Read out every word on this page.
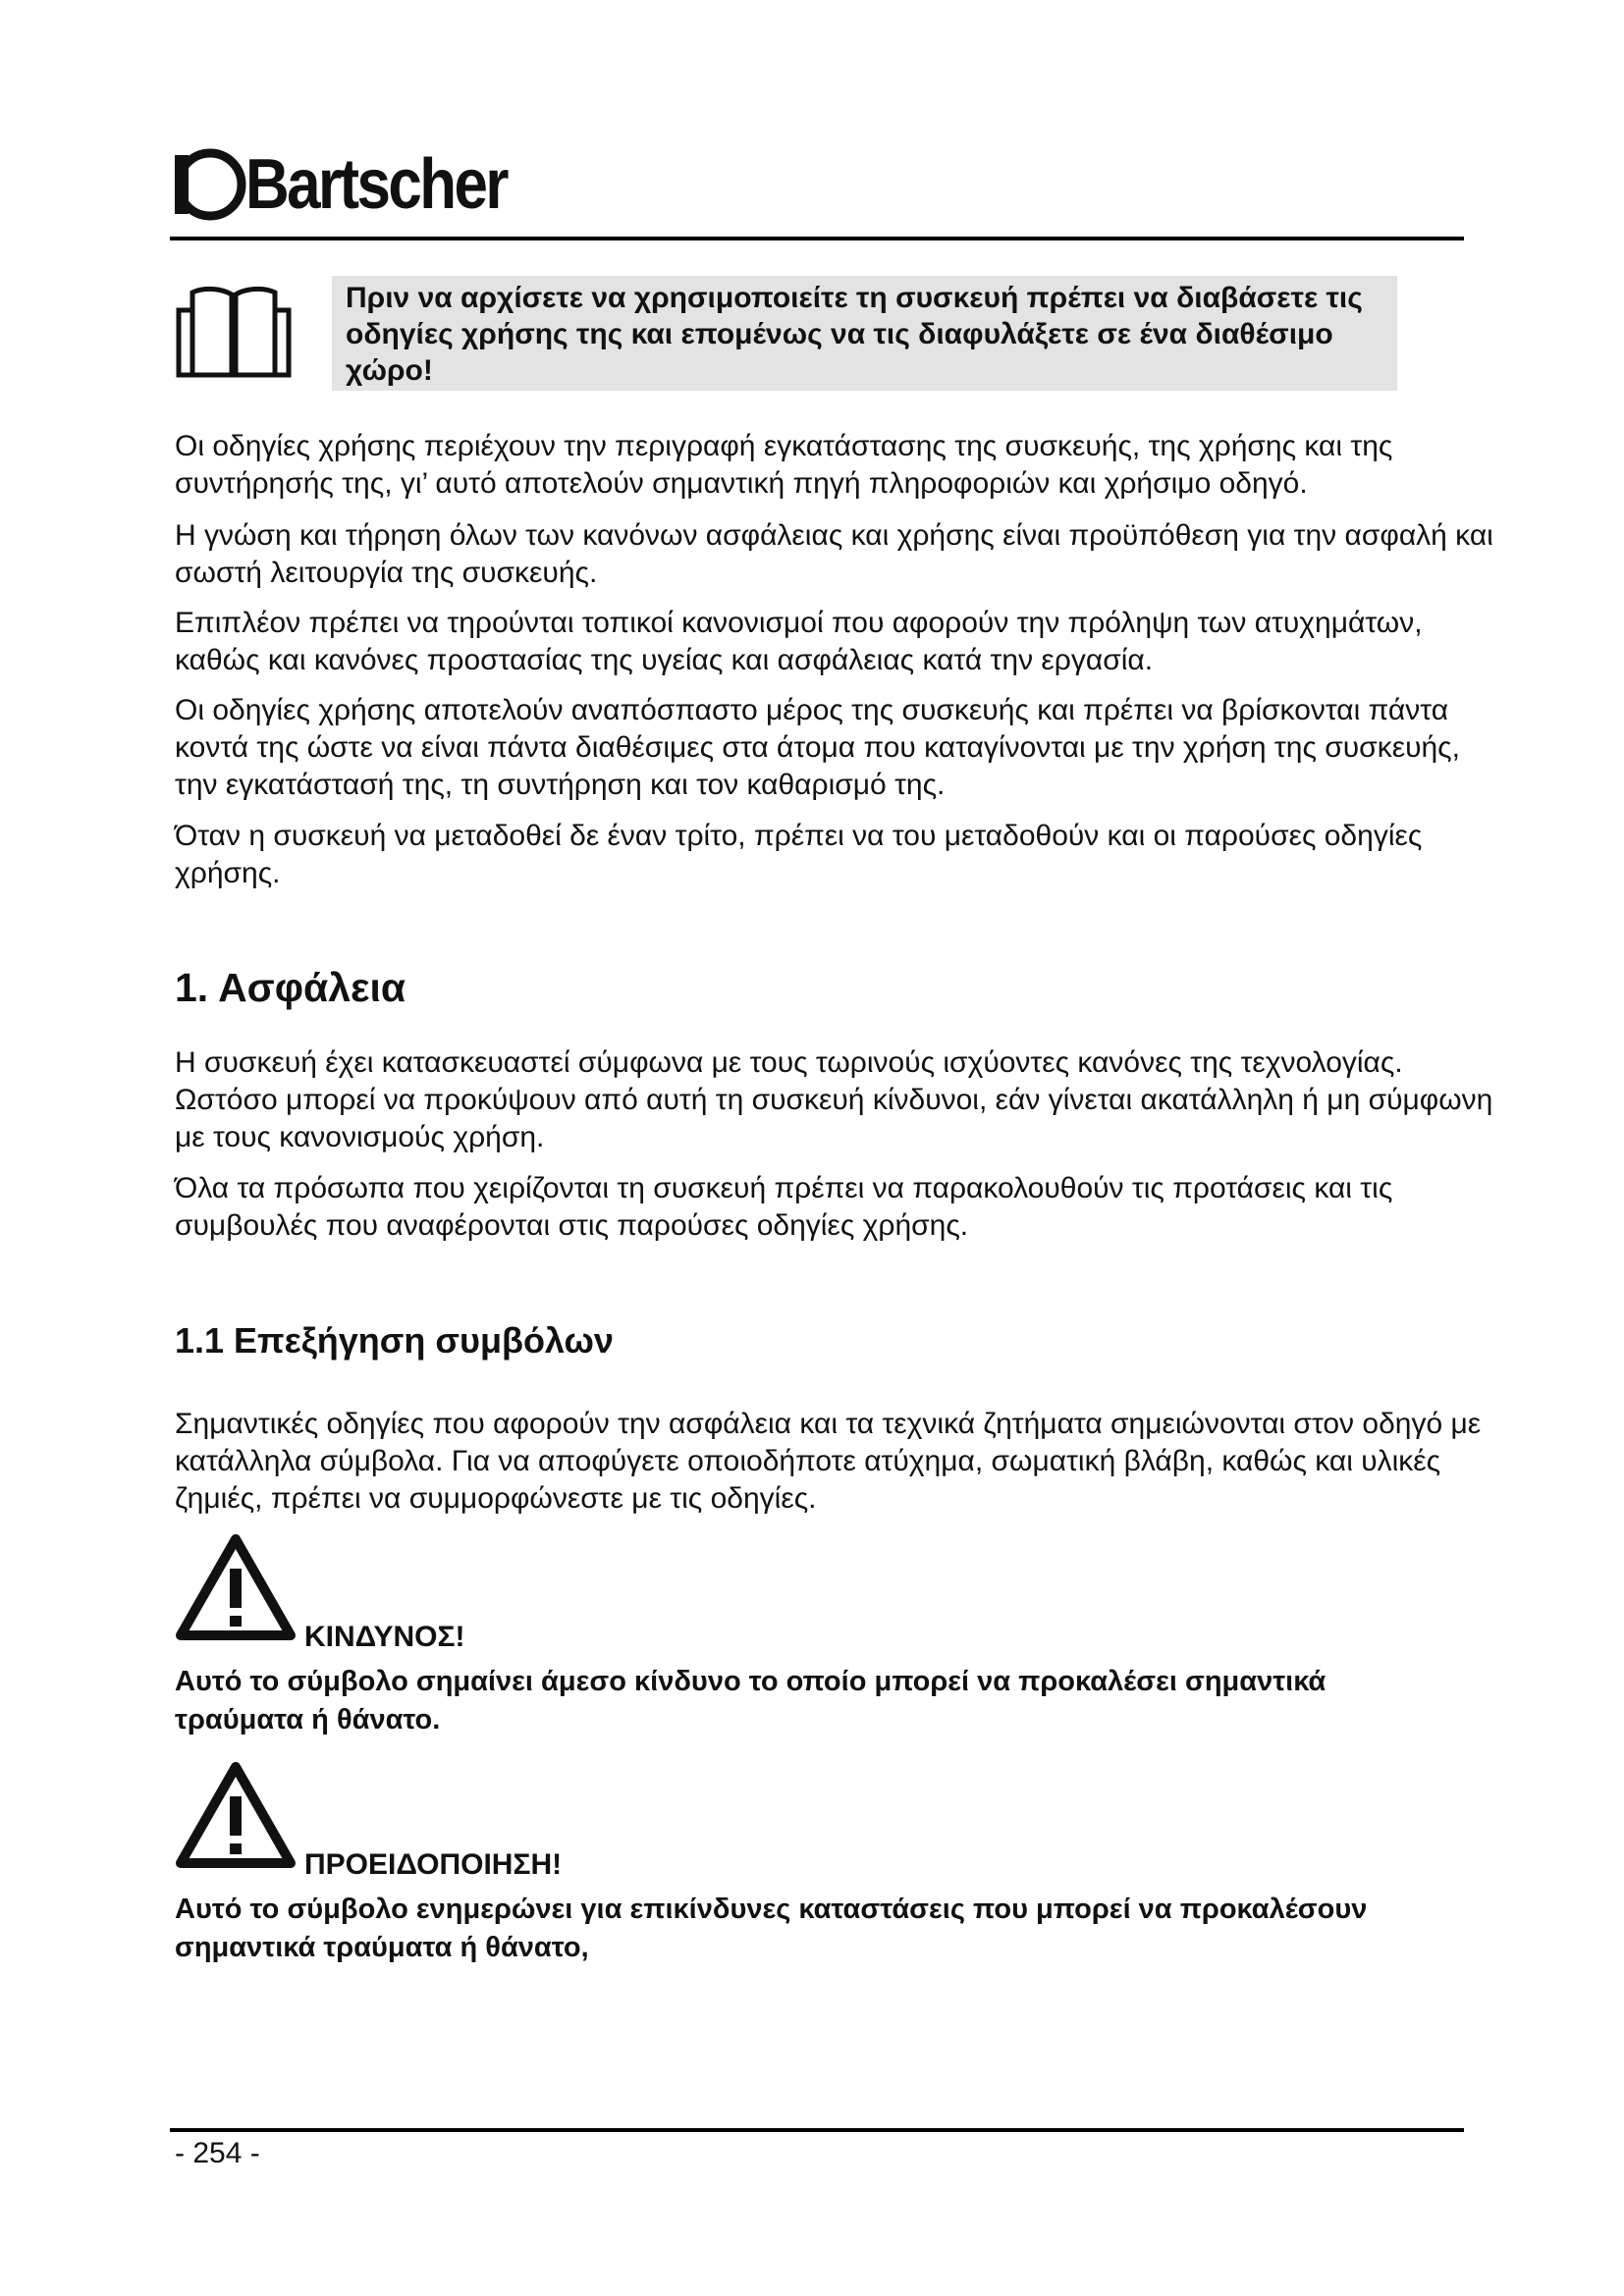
Bartscher
Πριν να αρχίσετε να χρησιμοποιείτε τη συσκευή πρέπει να διαβάσετε τις οδηγίες χρήσης της και επομένως να τις διαφυλάξετε σε ένα διαθέσιμο χώρο!

Οι οδηγίες χρήσης περιέχουν την περιγραφή εγκατάστασης της συσκευής, της χρήσης και της συντήρησής της, γι’ αυτό αποτελούν σημαντική πηγή πληροφοριών και χρήσιμο οδηγό.

Η γνώση και τήρηση όλων των κανόνων ασφάλειας και χρήσης είναι προϋπόθεση για την ασφαλή και σωστή λειτουργία της συσκευής.

Επιπλέον πρέπει να τηρούνται τοπικοί κανονισμοί που αφορούν την πρόληψη των ατυχημάτων, καθώς και κανόνες προστασίας της υγείας και ασφάλειας κατά την εργασία.

Οι οδηγίες χρήσης αποτελούν αναπόσπαστο μέρος της συσκευής και πρέπει να βρίσκονται πάντα κοντά της ώστε να είναι πάντα διαθέσιμες στα άτομα που καταγίνονται με την χρήση της συσκευής, την εγκατάστασή της, τη συντήρηση και τον καθαρισμό της.

Όταν η συσκευή να μεταδοθεί δε έναν τρίτο, πρέπει να του μεταδοθούν και οι παρούσες οδηγίες χρήσης.

1. Ασφάλεια

Η συσκευή έχει κατασκευαστεί σύμφωνα με τους τωρινούς ισχύοντες κανόνες της τεχνολογίας. Ωστόσο μπορεί να προκύψουν από αυτή τη συσκευή κίνδυνοι, εάν γίνεται ακατάλληλη ή μη σύμφωνη με τους κανονισμούς χρήση.

Όλα τα πρόσωπα που χειρίζονται τη συσκευή πρέπει να παρακολουθούν τις προτάσεις και τις συμβουλές που αναφέρονται στις παρούσες οδηγίες χρήσης.

1.1 Επεξήγηση συμβόλων

Σημαντικές οδηγίες που αφορούν την ασφάλεια και τα τεχνικά ζητήματα σημειώνονται στον οδηγό με κατάλληλα σύμβολα. Για να αποφύγετε οποιοδήποτε ατύχημα, σωματική βλάβη, καθώς και υλικές ζημιές, πρέπει να συμμορφώνεστε με τις οδηγίες.

ΚΙΝΔΥΝΟΣ!

Αυτό το σύμβολο σημαίνει άμεσο κίνδυνο το οποίο μπορεί να προκαλέσει σημαντικά τραύματα ή θάνατο.

ΠΡΟΕΙΔΟΠΟΙΗΣΗ!

Αυτό το σύμβολο ενημερώνει για επικίνδυνες καταστάσεις που μπορεί να προκαλέσουν σημαντικά τραύματα ή θάνατο,

- 254 -
